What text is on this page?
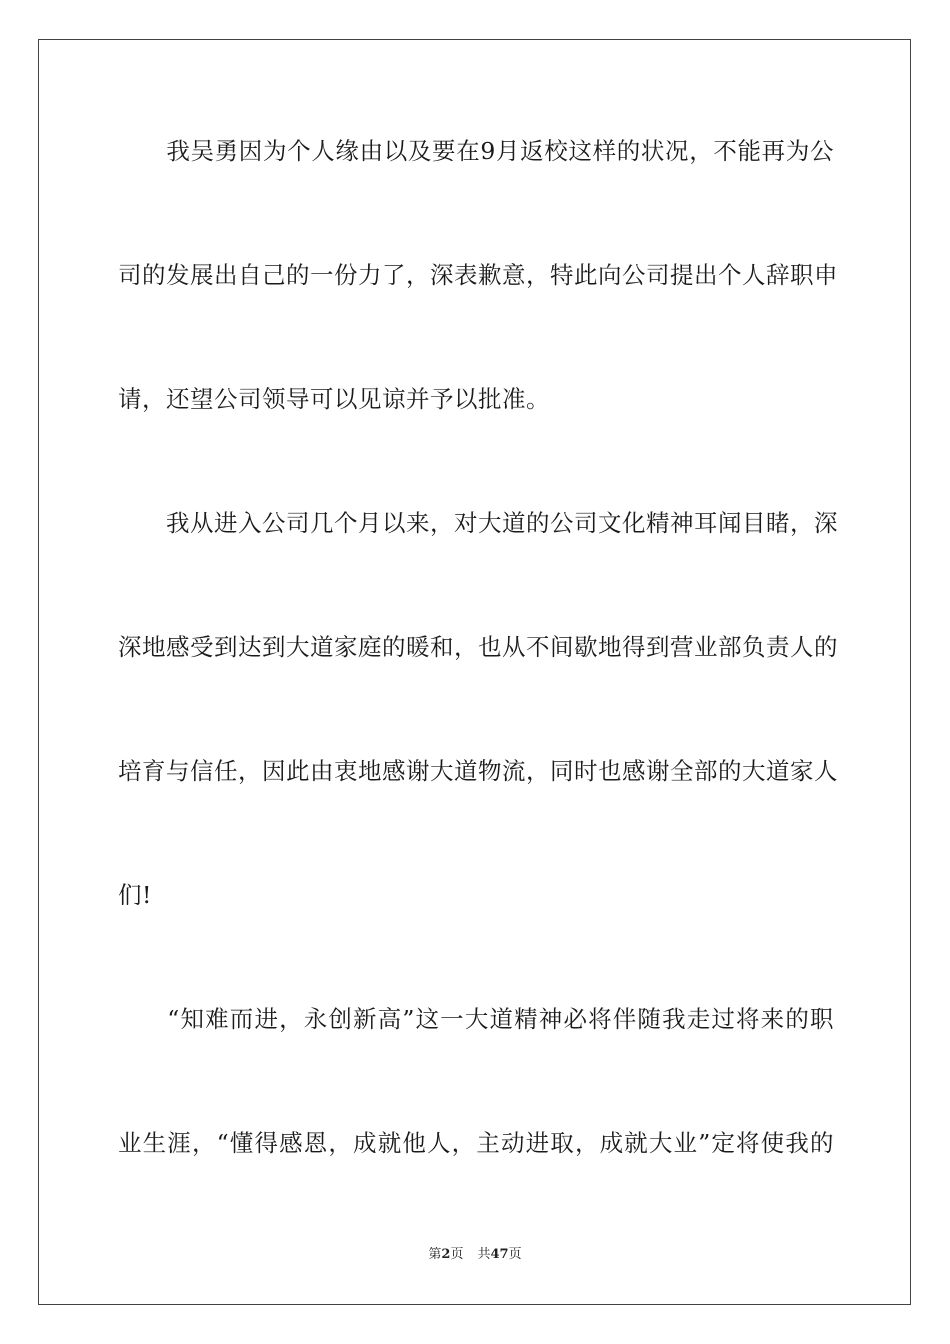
　　我吴勇因为个人缘由以及要在9月返校这样的状况，不能再为公
司的发展出自己的一份力了，深表歉意，特此向公司提出个人辞职申
请，还望公司领导可以见谅并予以批准。
　　我从进入公司几个月以来，对大道的公司文化精神耳闻目睹，深
深地感受到达到大道家庭的暖和，也从不间歇地得到营业部负责人的
培育与信任，因此由衷地感谢大道物流，同时也感谢全部的大道家人
们!
　　“知难而进，永创新高”这一大道精神必将伴随我走过将来的职
业生涯，“懂得感恩，成就他人，主动进取，成就大业”定将使我的
第2页 共47页
